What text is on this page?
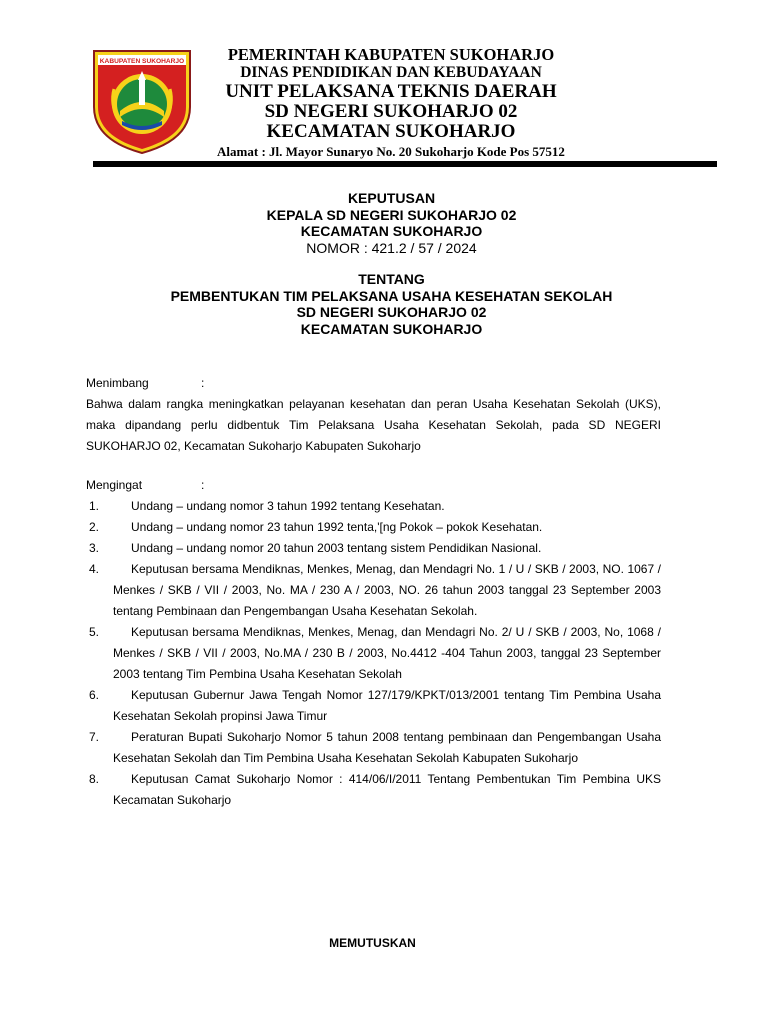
KABUPATEN SUKOHARJO	PEMERINTAH KABUPATEN SUKOHARJO
DINAS PENDIDIKAN DAN KEBUDAYAAN
UNIT PELAKSANA TEKNIS DAERAH
SD NEGERI SUKOHARJO 02
KECAMATAN SUKOHARJO
Alamat : Jl. Mayor Sunaryo No. 20 Sukoharjo Kode Pos 57512
KEPUTUSAN
KEPALA SD NEGERI SUKOHARJO 02
KECAMATAN SUKOHARJO
NOMOR : 421.2 / 57 / 2024
TENTANG
PEMBENTUKAN TIM PELAKSANA USAHA KESEHATAN SEKOLAH
SD NEGERI SUKOHARJO 02
KECAMATAN SUKOHARJO
Menimbang	:

Bahwa dalam rangka meningkatkan pelayanan kesehatan dan peran Usaha Kesehatan Sekolah (UKS), maka dipandang perlu didbentuk Tim Pelaksana Usaha Kesehatan Sekolah, pada SD NEGERI SUKOHARJO 02, Kecamatan Sukoharjo Kabupaten Sukoharjo

Mengingat	:
1.	Undang – undang nomor 3 tahun 1992 tentang Kesehatan.
2.	Undang – undang nomor 23 tahun 1992 tenta,'[ng Pokok – pokok Kesehatan.
3.	Undang – undang nomor 20 tahun 2003 tentang sistem Pendidikan Nasional.
4.	Keputusan bersama Mendiknas, Menkes, Menag, dan Mendagri No. 1 / U / SKB / 2003, NO. 1067 / Menkes / SKB / VII / 2003, No. MA / 230 A / 2003, NO. 26 tahun 2003 tanggal 23 September 2003 tentang Pembinaan dan Pengembangan Usaha Kesehatan Sekolah.
5.	Keputusan bersama Mendiknas, Menkes, Menag, dan Mendagri No. 2/ U / SKB / 2003, No, 1068 / Menkes / SKB / VII / 2003, No.MA / 230 B / 2003, No.4412 -404 Tahun 2003, tanggal 23 September 2003 tentang Tim Pembina Usaha Kesehatan Sekolah
6.	Keputusan Gubernur Jawa Tengah Nomor 127/179/KPKT/013/2001 tentang Tim Pembina Usaha Kesehatan Sekolah propinsi Jawa Timur
7.	Peraturan Bupati Sukoharjo Nomor 5 tahun 2008 tentang pembinaan dan Pengembangan Usaha Kesehatan Sekolah dan Tim Pembina Usaha Kesehatan Sekolah Kabupaten Sukoharjo
8.	Keputusan Camat Sukoharjo Nomor : 414/06/I/2011 Tentang Pembentukan Tim Pembina UKS Kecamatan Sukoharjo
MEMUTUSKAN
